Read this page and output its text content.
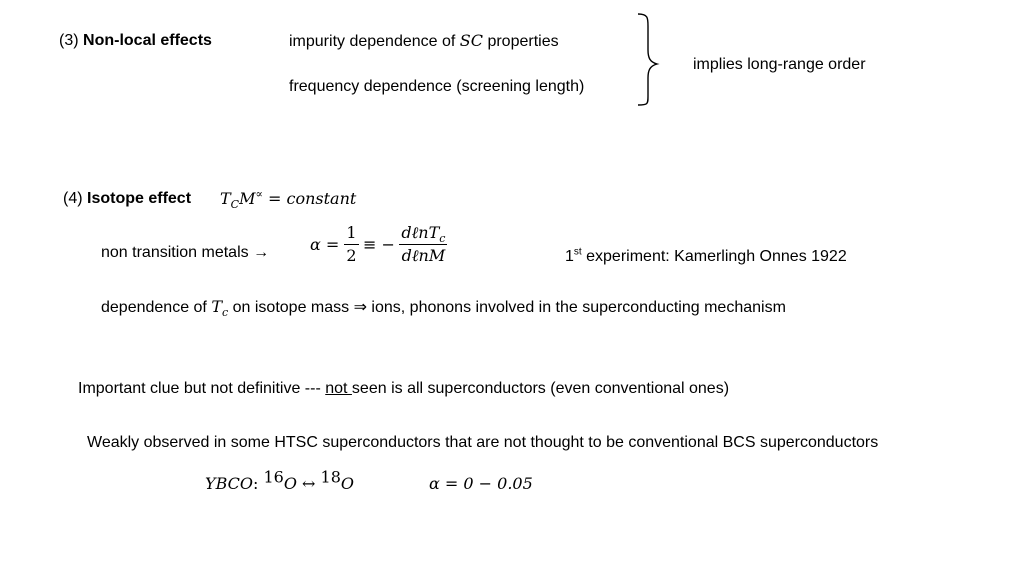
(3) Non-local effects	impurity dependence of SC properties
frequency dependence (screening length)
implies long-range order
(4) Isotope effect $T_CM^\propto$ = constant
non transition metals →	$\alpha = \frac{1}{2}$ ≡ − $\frac{d\ell nT_c}{\text{dℓnM}}$	1st experiment: Kamerlingh Onnes 1922
dependence of $T_c$ on isotope mass ⇒ ions, phonons involved in the superconducting mechanism
Important clue but not definitive --- not seen is all superconductors (even conventional ones)
Weakly observed in some HTSC superconductors that are not thought to be conventional BCS superconductors
YBCO: $^{16}$O ↔ $^{18}$O	α = 0 − 0.05
